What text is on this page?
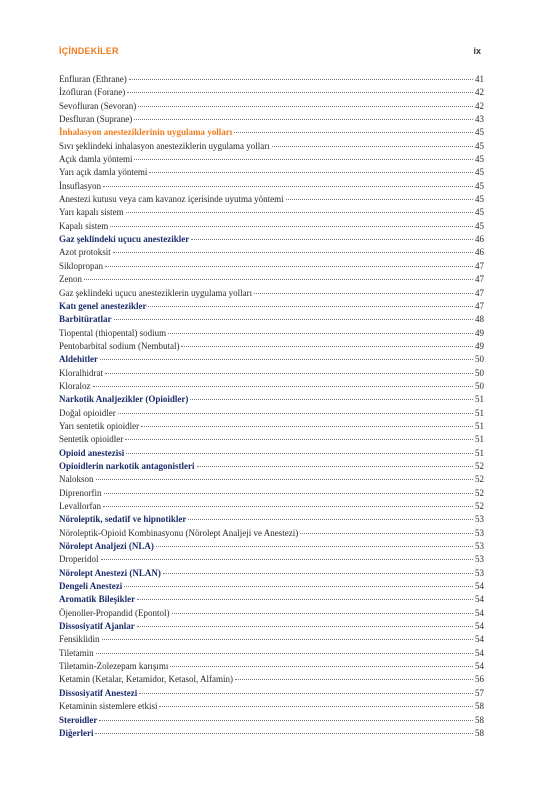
İÇİNDEKİLER	ix
Enfluran (Ethrane)	41
İzofluran (Forane)	42
Sevofluran (Sevoran)	42
Desfluran (Suprane)	43
İnhalasyon anesteziklerinin uygulama yolları	45
Sıvı şeklindeki inhalasyon anesteziklerin uygulama yolları	45
Açık damla yöntemi	45
Yarı açık damla yöntemi	45
İnsuflasyon	45
Anestezi kutusu veya cam kavanoz içerisinde uyutma yöntemi	45
Yarı kapalı sistem	45
Kapalı sistem	45
Gaz şeklindeki uçucu anestezikler	46
Azot protoksit	46
Siklopropan	47
Zenon	47
Gaz şeklindeki uçucu anesteziklerin uygulama yolları	47
Katı genel anestezikler	47
Barbitüratlar	48
Tiopental (thiopental) sodium	49
Pentobarbital sodium (Nembutal)	49
Aldehitler	50
Kloralhidrat	50
Kloraloz	50
Narkotik Analjezikler (Opioidler)	51
Doğal opioidler	51
Yarı sentetik opioidler	51
Sentetik opioidler	51
Opioid anestezisi	51
Opioidlerin narkotik antagonistleri	52
Nalokson	52
Diprenorfin	52
Levallorfan	52
Nöroleptik, sedatif ve hipnotikler	53
Nöroleptik-Opioid Kombinasyonu (Nörolept Analjeji ve Anestezi)	53
Nörolept Analjezi (NLA)	53
Droperidol	53
Nörolept Anestezi (NLAN)	53
Dengeli Anestezi	54
Aromatik Bileşikler	54
Öjenoller-Propandid (Epontol)	54
Dissosiyatif Ajanlar	54
Fensiklidin	54
Tiletamin	54
Tiletamin-Zolezepam karışımı	54
Ketamin (Ketalar, Ketamidor, Ketasol, Alfamin)	56
Dissosiyatif Anestezi	57
Ketaminin sistemlere etkisi	58
Steroidler	58
Diğerleri	58
